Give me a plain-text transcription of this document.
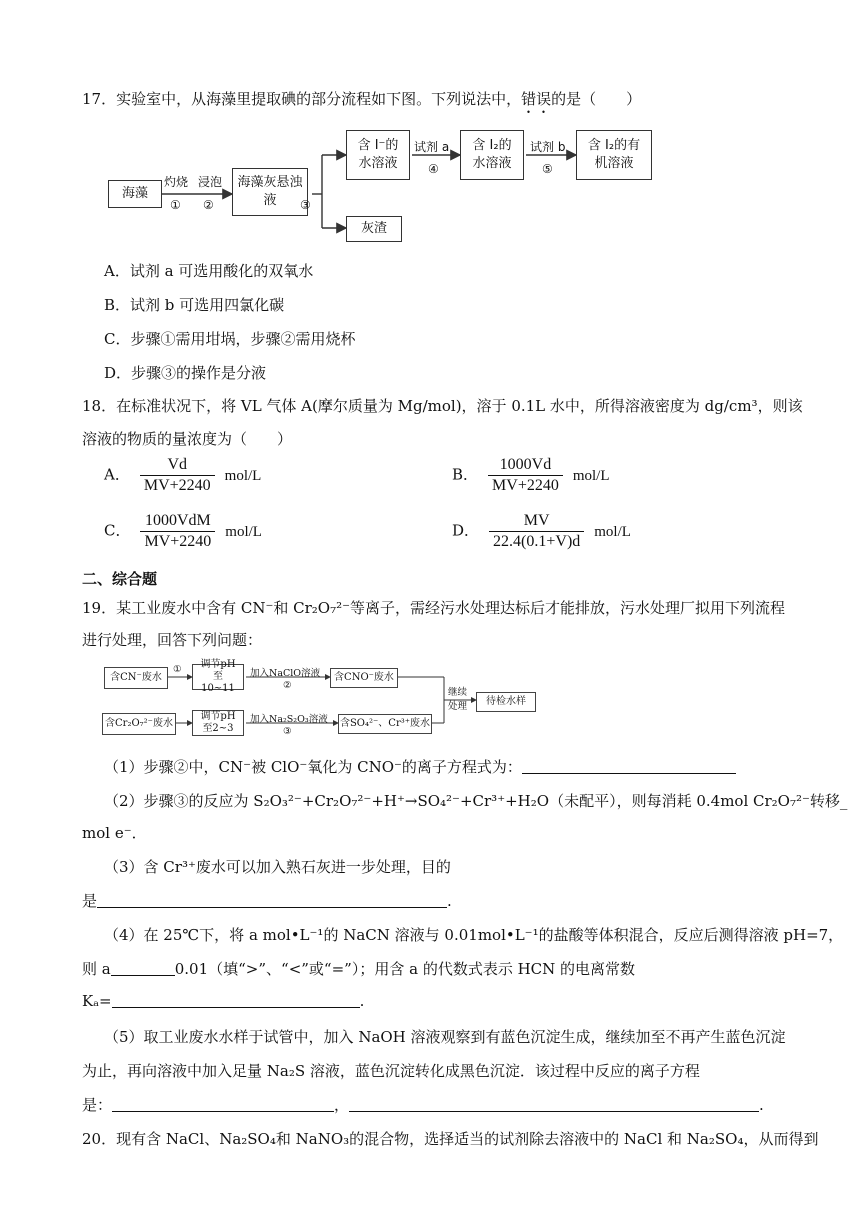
17．实验室中，从海藻里提取碘的部分流程如下图。下列说法中，错误的是（　　）
海藻
灼烧 浸泡
① ②
海藻灰悬浊液	③
含 I⁻的水溶液
试剂 a
④
含 I₂的水溶液
试剂 b
⑤
含 I₂的有机溶液
灰渣
A．试剂 a 可选用酸化的双氧水
B．试剂 b 可选用四氯化碳
C．步骤①需用坩埚，步骤②需用烧杯
D．步骤③的操作是分液
18．在标准状况下，将 VL 气体 A(摩尔质量为 Mg/mol)，溶于 0.1L 水中，所得溶液密度为 dg/cm³，则该
溶液的物质的量浓度为（　　）
A． $\frac{Vd}{MV+2240} mol/L$	B． $\frac{1000Vd}{MV+2240} mol/L$
C． $\frac{\text{1000VdM}}{MV+2240} mol/L$	D． $\frac{MV}{22.4(0.1+V)d} mol/L$
二、综合题
19．某工业废水中含有 CN⁻和 Cr₂O₇²⁻等离子，需经污水处理达标后才能排放，污水处理厂拟用下列流程
进行处理，回答下列问题：
含CN⁻废水
①	调节pH至10~11
加入NaClO溶液
②
含CNO⁻废水
含Cr₂O₇²⁻废水
调节pH至2~3
加入Na₂S₂O₃溶液
③
含SO₄²⁻、Cr³⁺废水
继续处理	待检水样
（1）步骤②中，CN⁻被 ClO⁻氧化为 CNO⁻的离子方程式为：
（2）步骤③的反应为 S₂O₃²⁻+Cr₂O₇²⁻+H⁺→SO₄²⁻+Cr³⁺+H₂O（未配平），则每消耗 0.4mol Cr₂O₇²⁻转移_
mol e⁻．
（3）含 Cr³⁺废水可以加入熟石灰进一步处理，目的
是	.
（4）在 25℃下，将 a mol•L⁻¹的 NaCN 溶液与 0.01mol•L⁻¹的盐酸等体积混合，反应后测得溶液 pH=7，
则 a	0.01（填“>”、“<”或“=”）；用含 a 的代数式表示 HCN 的电离常数
Kₐ=	.
（5）取工业废水水样于试管中，加入 NaOH 溶液观察到有蓝色沉淀生成，继续加至不再产生蓝色沉淀
为止，再向溶液中加入足量 Na₂S 溶液，蓝色沉淀转化成黑色沉淀．该过程中反应的离子方程
是：	，	.
20．现有含 NaCl、Na₂SO₄和 NaNO₃的混合物，选择适当的试剂除去溶液中的 NaCl 和 Na₂SO₄，从而得到
